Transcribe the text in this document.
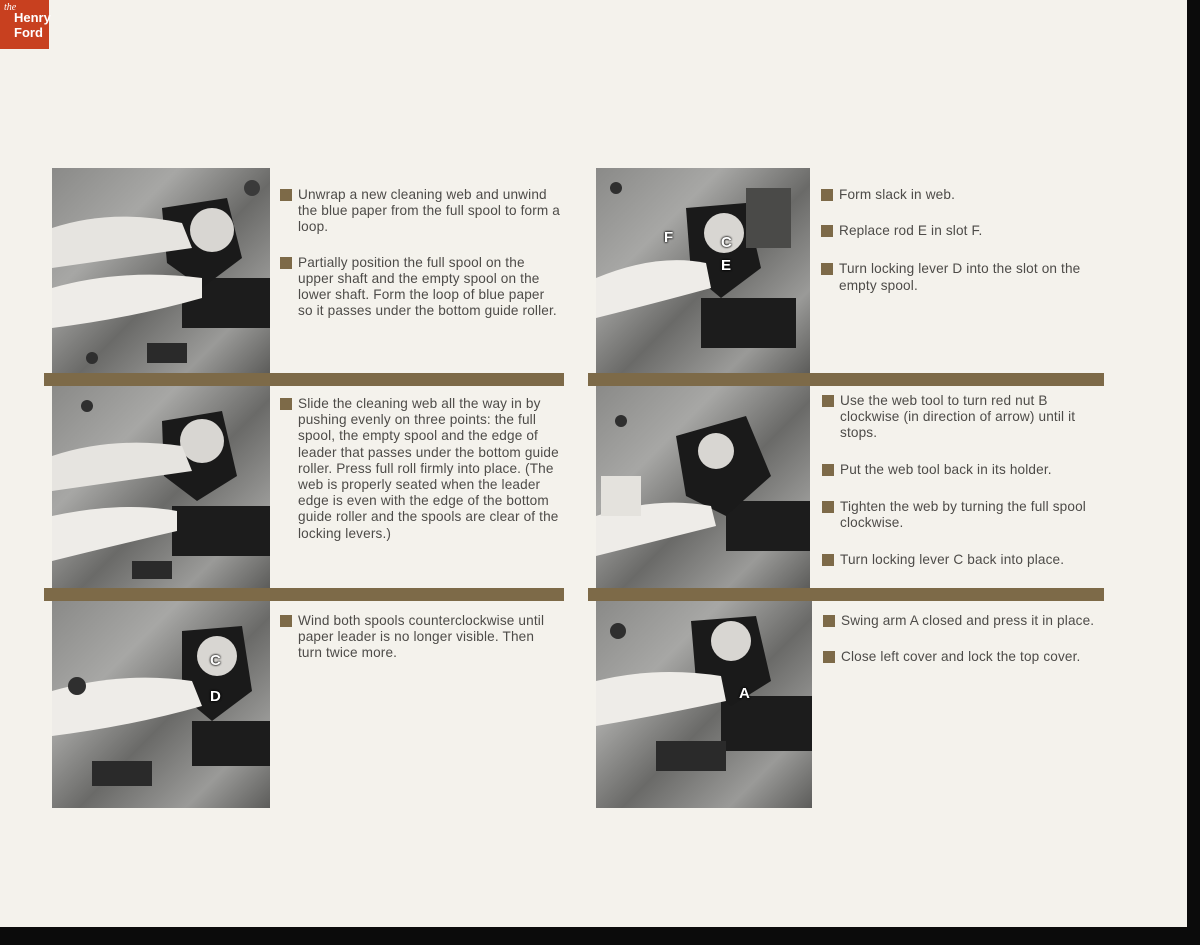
the
Henry
Ford
C
D
F	C
E
A
Unwrap a new cleaning web and unwind the blue paper from the full spool to form a loop.
Partially position the full spool on the upper shaft and the empty spool on the lower shaft. Form the loop of blue paper so it passes under the bottom guide roller.
Slide the cleaning web all the way in by pushing evenly on three points: the full spool, the empty spool and the edge of leader that passes under the bottom guide roller. Press full roll firmly into place. (The web is properly seated when the leader edge is even with the edge of the bottom guide roller and the spools are clear of the locking levers.)
Wind both spools counterclockwise until paper leader is no longer visible. Then turn twice more.
Form slack in web.
Replace rod E in slot F.
Turn locking lever D into the slot on the empty spool.
Use the web tool to turn red nut B clockwise (in direction of arrow) until it stops.
Put the web tool back in its holder.
Tighten the web by turning the full spool clockwise.
Turn locking lever C back into place.
Swing arm A closed and press it in place.
Close left cover and lock the top cover.
